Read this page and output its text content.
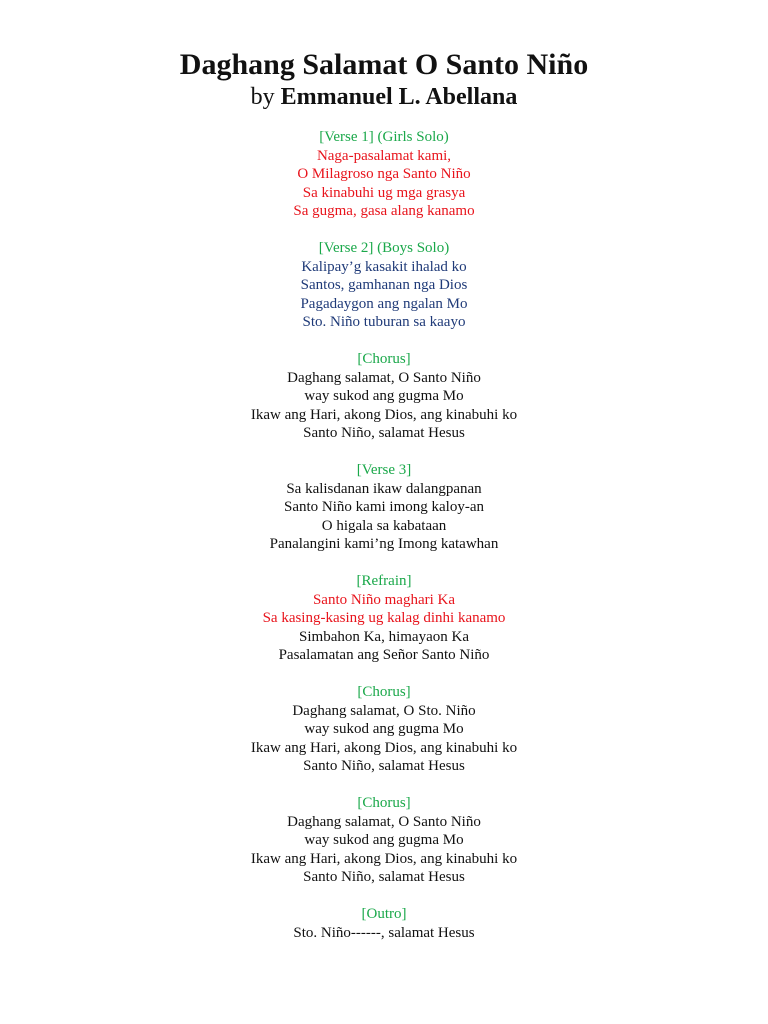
Daghang Salamat O Santo Niño

by Emmanuel L. Abellana

[Verse 1] (Girls Solo)
Naga-pasalamat kami,
O Milagroso nga Santo Niño
Sa kinabuhi ug mga grasya
Sa gugma, gasa alang kanamo
[Verse 2] (Boys Solo)
Kalipay’g kasakit ihalad ko
Santos, gamhanan nga Dios
Pagadaygon ang ngalan Mo
Sto. Niño tuburan sa kaayo
[Chorus]
Daghang salamat, O Santo Niño
way sukod ang gugma Mo
Ikaw ang Hari, akong Dios, ang kinabuhi ko
Santo Niño, salamat Hesus
[Verse 3]
Sa kalisdanan ikaw dalangpanan
Santo Niño kami imong kaloy-an
O higala sa kabataan
Panalangini kami’ng Imong katawhan
[Refrain]
Santo Niño maghari Ka
Sa kasing-kasing ug kalag dinhi kanamo
Simbahon Ka, himayaon Ka
Pasalamatan ang Señor Santo Niño
[Chorus]
Daghang salamat, O Sto. Niño
way sukod ang gugma Mo
Ikaw ang Hari, akong Dios, ang kinabuhi ko
Santo Niño, salamat Hesus
[Chorus]
Daghang salamat, O Santo Niño
way sukod ang gugma Mo
Ikaw ang Hari, akong Dios, ang kinabuhi ko
Santo Niño, salamat Hesus
[Outro]
Sto. Niño------, salamat Hesus
